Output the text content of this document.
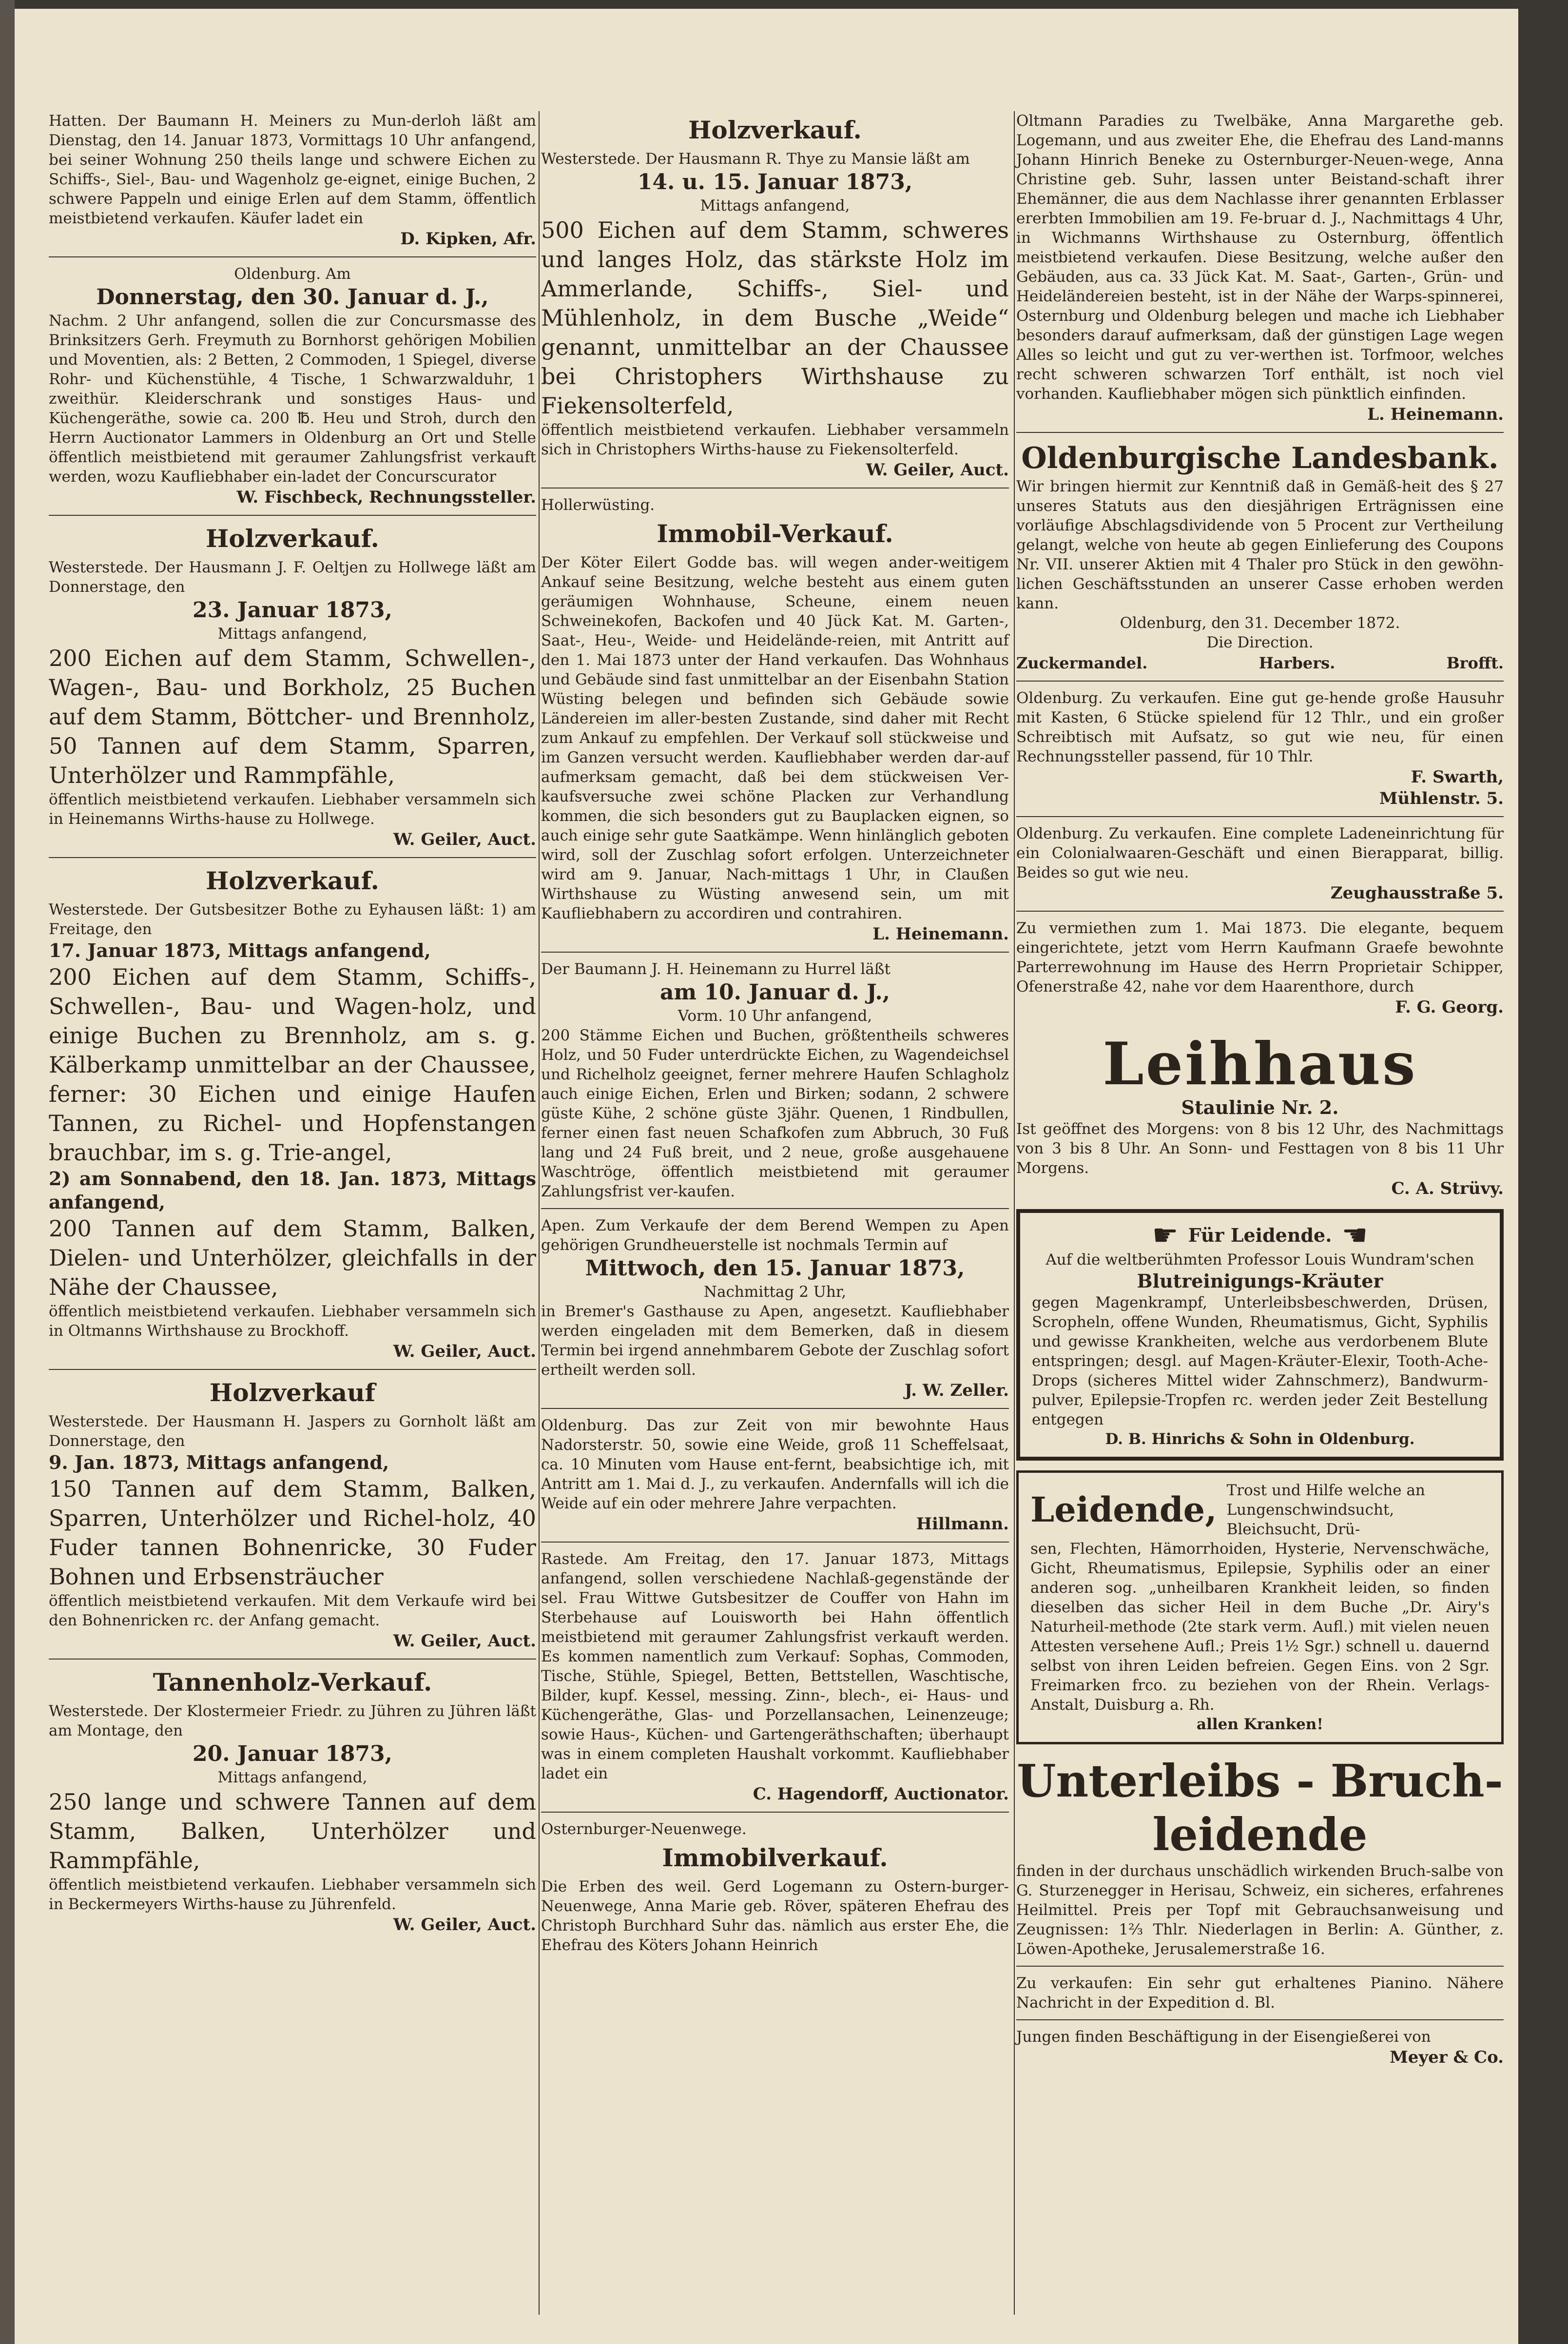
Hatten. Der Baumann H. Meiners zu Mun-derloh läßt am Dienstag, den 14. Januar 1873, Vormittags 10 Uhr anfangend, bei seiner Wohnung 250 theils lange und schwere Eichen zu Schiffs-, Siel-, Bau- und Wagenholz ge-eignet, einige Buchen, 2 schwere Pappeln und einige Erlen auf dem Stamm, öffentlich meistbietend verkaufen. Käufer ladet ein

D. Kipken, Afr.

Oldenburg. Am

Donnerstag, den 30. Januar d. J.,

Nachm. 2 Uhr anfangend, sollen die zur Concursmasse des Brinksitzers Gerh. Freymuth zu Bornhorst gehörigen Mobilien und Moventien, als: 2 Betten, 2 Commoden, 1 Spiegel, diverse Rohr- und Küchenstühle, 4 Tische, 1 Schwarzwalduhr, 1 zweithür. Kleiderschrank und sonstiges Haus- und Küchengeräthe, sowie ca. 200 ℔. Heu und Stroh, durch den Herrn Auctionator Lammers in Oldenburg an Ort und Stelle öffentlich meistbietend mit geraumer Zahlungsfrist verkauft werden, wozu Kaufliebhaber ein-ladet der Concurscurator

W. Fischbeck, Rechnungssteller.

Holzverkauf.

Westerstede. Der Hausmann J. F. Oeltjen zu Hollwege läßt am Donnerstage, den

23. Januar 1873,

Mittags anfangend,

200 Eichen auf dem Stamm, Schwellen-, Wagen-, Bau- und Borkholz, 25 Buchen auf dem Stamm, Böttcher- und Brennholz, 50 Tannen auf dem Stamm, Sparren, Unterhölzer und Rammpfähle,

öffentlich meistbietend verkaufen. Liebhaber versammeln sich in Heinemanns Wirths-hause zu Hollwege.

W. Geiler, Auct.

Holzverkauf.

Westerstede. Der Gutsbesitzer Bothe zu Eyhausen läßt: 1) am Freitage, den

17. Januar 1873, Mittags anfangend,

200 Eichen auf dem Stamm, Schiffs-, Schwellen-, Bau- und Wagen-holz, und einige Buchen zu Brennholz, am s. g. Kälberkamp unmittelbar an der Chaussee, ferner: 30 Eichen und einige Haufen Tannen, zu Richel- und Hopfenstangen brauchbar, im s. g. Trie-angel,

2) am Sonnabend, den 18. Jan. 1873, Mittags anfangend,

200 Tannen auf dem Stamm, Balken, Dielen- und Unterhölzer, gleichfalls in der Nähe der Chaussee,

öffentlich meistbietend verkaufen. Liebhaber versammeln sich in Oltmanns Wirthshause zu Brockhoff.

W. Geiler, Auct.

Holzverkauf

Westerstede. Der Hausmann H. Jaspers zu Gornholt läßt am Donnerstage, den

9. Jan. 1873, Mittags anfangend,

150 Tannen auf dem Stamm, Balken, Sparren, Unterhölzer und Richel-holz, 40 Fuder tannen Bohnenricke, 30 Fuder Bohnen und Erbsensträucher

öffentlich meistbietend verkaufen. Mit dem Verkaufe wird bei den Bohnenricken rc. der Anfang gemacht.

W. Geiler, Auct.

Tannenholz-Verkauf.

Westerstede. Der Klostermeier Friedr. zu Jühren zu Jühren läßt am Montage, den

20. Januar 1873,

Mittags anfangend,

250 lange und schwere Tannen auf dem Stamm, Balken, Unterhölzer und Rammpfähle,

öffentlich meistbietend verkaufen. Liebhaber versammeln sich in Beckermeyers Wirths-hause zu Jührenfeld.

W. Geiler, Auct.

Holzverkauf.

Westerstede. Der Hausmann R. Thye zu Mansie läßt am

14. u. 15. Januar 1873,

Mittags anfangend,

500 Eichen auf dem Stamm, schweres und langes Holz, das stärkste Holz im Ammerlande, Schiffs-, Siel- und Mühlenholz, in dem Busche „Weide“ genannt, unmittelbar an der Chaussee bei Christophers Wirthshause zu Fiekensolterfeld,

öffentlich meistbietend verkaufen. Liebhaber versammeln sich in Christophers Wirths-hause zu Fiekensolterfeld.

W. Geiler, Auct.

Hollerwüsting.

Immobil-Verkauf.

Der Köter Eilert Godde bas. will wegen ander-weitigem Ankauf seine Besitzung, welche besteht aus einem guten geräumigen Wohnhause, Scheune, einem neuen Schweinekofen, Backofen und 40 Jück Kat. M. Garten-, Saat-, Heu-, Weide- und Heidelände-reien, mit Antritt auf den 1. Mai 1873 unter der Hand verkaufen. Das Wohnhaus und Gebäude sind fast unmittelbar an der Eisenbahn Station Wüsting belegen und befinden sich Gebäude sowie Ländereien im aller-besten Zustande, sind daher mit Recht zum Ankauf zu empfehlen. Der Verkauf soll stückweise und im Ganzen versucht werden. Kaufliebhaber werden dar-auf aufmerksam gemacht, daß bei dem stückweisen Ver-kaufsversuche zwei schöne Placken zur Verhandlung kommen, die sich besonders gut zu Bauplacken eignen, so auch einige sehr gute Saatkämpe. Wenn hinlänglich geboten wird, soll der Zuschlag sofort erfolgen. Unterzeichneter wird am 9. Januar, Nach-mittags 1 Uhr, in Claußen Wirthshause zu Wüsting anwesend sein, um mit Kaufliebhabern zu accordiren und contrahiren.

L. Heinemann.

Der Baumann J. H. Heinemann zu Hurrel läßt

am 10. Januar d. J.,

Vorm. 10 Uhr anfangend,

200 Stämme Eichen und Buchen, größtentheils schweres Holz, und 50 Fuder unterdrückte Eichen, zu Wagendeichsel und Richelholz geeignet, ferner mehrere Haufen Schlagholz auch einige Eichen, Erlen und Birken; sodann, 2 schwere güste Kühe, 2 schöne güste 3jähr. Quenen, 1 Rindbullen, ferner einen fast neuen Schafkofen zum Abbruch, 30 Fuß lang und 24 Fuß breit, und 2 neue, große ausgehauene Waschtröge, öffentlich meistbietend mit geraumer Zahlungsfrist ver-kaufen.

Apen. Zum Verkaufe der dem Berend Wempen zu Apen gehörigen Grundheuerstelle ist nochmals Termin auf

Mittwoch, den 15. Januar 1873,

Nachmittag 2 Uhr,

in Bremer's Gasthause zu Apen, angesetzt. Kaufliebhaber werden eingeladen mit dem Bemerken, daß in diesem Termin bei irgend annehmbarem Gebote der Zuschlag sofort ertheilt werden soll.

J. W. Zeller.

Oldenburg. Das zur Zeit von mir bewohnte Haus Nadorsterstr. 50, sowie eine Weide, groß 11 Scheffelsaat, ca. 10 Minuten vom Hause ent-fernt, beabsichtige ich, mit Antritt am 1. Mai d. J., zu verkaufen. Andernfalls will ich die Weide auf ein oder mehrere Jahre verpachten.

Hillmann.

Rastede. Am Freitag, den 17. Januar 1873, Mittags anfangend, sollen verschiedene Nachlaß-gegenstände der sel. Frau Wittwe Gutsbesitzer de Couffer von Hahn im Sterbehause auf Louisworth bei Hahn öffentlich meistbietend mit geraumer Zahlungsfrist verkauft werden. Es kommen namentlich zum Verkauf: Sophas, Commoden, Tische, Stühle, Spiegel, Betten, Bettstellen, Waschtische, Bilder, kupf. Kessel, messing. Zinn-, blech-, ei- Haus- und Küchengeräthe, Glas- und Porzellansachen, Leinenzeuge; sowie Haus-, Küchen- und Gartengeräthschaften; überhaupt was in einem completen Haushalt vorkommt. Kaufliebhaber ladet ein

C. Hagendorff, Auctionator.

Osternburger-Neuenwege.

Immobilverkauf.

Die Erben des weil. Gerd Logemann zu Ostern-burger-Neuenwege, Anna Marie geb. Röver, späteren Ehefrau des Christoph Burchhard Suhr das. nämlich aus erster Ehe, die Ehefrau des Köters Johann Heinrich

Oltmann Paradies zu Twelbäke, Anna Margarethe geb. Logemann, und aus zweiter Ehe, die Ehefrau des Land-manns Johann Hinrich Beneke zu Osternburger-Neuen-wege, Anna Christine geb. Suhr, lassen unter Beistand-schaft ihrer Ehemänner, die aus dem Nachlasse ihrer genannten Erblasser ererbten Immobilien am 19. Fe-bruar d. J., Nachmittags 4 Uhr, in Wichmanns Wirthshause zu Osternburg, öffentlich meistbietend verkaufen. Diese Besitzung, welche außer den Gebäuden, aus ca. 33 Jück Kat. M. Saat-, Garten-, Grün- und Heideländereien besteht, ist in der Nähe der Warps-spinnerei, Osternburg und Oldenburg belegen und mache ich Liebhaber besonders darauf aufmerksam, daß der günstigen Lage wegen Alles so leicht und gut zu ver-werthen ist. Torfmoor, welches recht schweren schwarzen Torf enthält, ist noch viel vorhanden. Kaufliebhaber mögen sich pünktlich einfinden.

L. Heinemann.

Oldenburgische Landesbank.

Wir bringen hiermit zur Kenntniß daß in Gemäß-heit des § 27 unseres Statuts aus den diesjährigen Erträgnissen eine vorläufige Abschlagsdividende von 5 Procent zur Vertheilung gelangt, welche von heute ab gegen Einlieferung des Coupons Nr. VII. unserer Aktien mit 4 Thaler pro Stück in den gewöhn-lichen Geschäftsstunden an unserer Casse erhoben werden kann.

Oldenburg, den 31. December 1872.

Die Direction.

Zuckermandel.	Harbers.	Brofft.

Oldenburg. Zu verkaufen. Eine gut ge-hende große Hausuhr mit Kasten, 6 Stücke spielend für 12 Thlr., und ein großer Schreibtisch mit Aufsatz, so gut wie neu, für einen Rechnungssteller passend, für 10 Thlr.

F. Swarth,

Mühlenstr. 5.

Oldenburg. Zu verkaufen. Eine complete Ladeneinrichtung für ein Colonialwaaren-Geschäft und einen Bierapparat, billig. Beides so gut wie neu.

Zeughausstraße 5.

Zu vermiethen zum 1. Mai 1873. Die elegante, bequem eingerichtete, jetzt vom Herrn Kaufmann Graefe bewohnte Parterrewohnung im Hause des Herrn Proprietair Schipper, Ofenerstraße 42, nahe vor dem Haarenthore, durch

F. G. Georg.

Leihhaus

Staulinie Nr. 2.

Ist geöffnet des Morgens: von 8 bis 12 Uhr, des Nachmittags von 3 bis 8 Uhr. An Sonn- und Festtagen von 8 bis 11 Uhr Morgens.

C. A. Strüvy.

☛ Für Leidende. ☚

Auf die weltberühmten Professor Louis Wundram'schen

Blutreinigungs-Kräuter

gegen Magenkrampf, Unterleibsbeschwerden, Drüsen, Scropheln, offene Wunden, Rheumatismus, Gicht, Syphilis und gewisse Krankheiten, welche aus verdorbenem Blute entspringen; desgl. auf Magen-Kräuter-Elexir, Tooth-Ache-Drops (sicheres Mittel wider Zahnschmerz), Bandwurm-pulver, Epilepsie-Tropfen rc. werden jeder Zeit Bestellung entgegen

D. B. Hinrichs & Sohn in Oldenburg.

Leidende, Trost und Hilfe welche an Lungenschwindsucht, Bleichsucht, Drü-

sen, Flechten, Hämorrhoiden, Hysterie, Nervenschwäche, Gicht, Rheumatismus, Epilepsie, Syphilis oder an einer anderen sog. „unheilbaren Krankheit leiden, so finden dieselben das sicher Heil in dem Buche „Dr. Airy's Naturheil-methode (2te stark verm. Aufl.) mit vielen neuen Attesten versehene Aufl.; Preis 1½ Sgr.) schnell u. dauernd selbst von ihren Leiden befreien. Gegen Eins. von 2 Sgr. Freimarken frco. zu beziehen von der Rhein. Verlags-Anstalt, Duisburg a. Rh.

allen Kranken!

Unterleibs - Bruch-leidende

finden in der durchaus unschädlich wirkenden Bruch-salbe von G. Sturzenegger in Herisau, Schweiz, ein sicheres, erfahrenes Heilmittel. Preis per Topf mit Gebrauchsanweisung und Zeugnissen: 1⅔ Thlr. Niederlagen in Berlin: A. Günther, z. Löwen-Apotheke, Jerusalemerstraße 16.

Zu verkaufen: Ein sehr gut erhaltenes Pianino. Nähere Nachricht in der Expedition d. Bl.

Jungen finden Beschäftigung in der Eisengießerei von

Meyer & Co.
